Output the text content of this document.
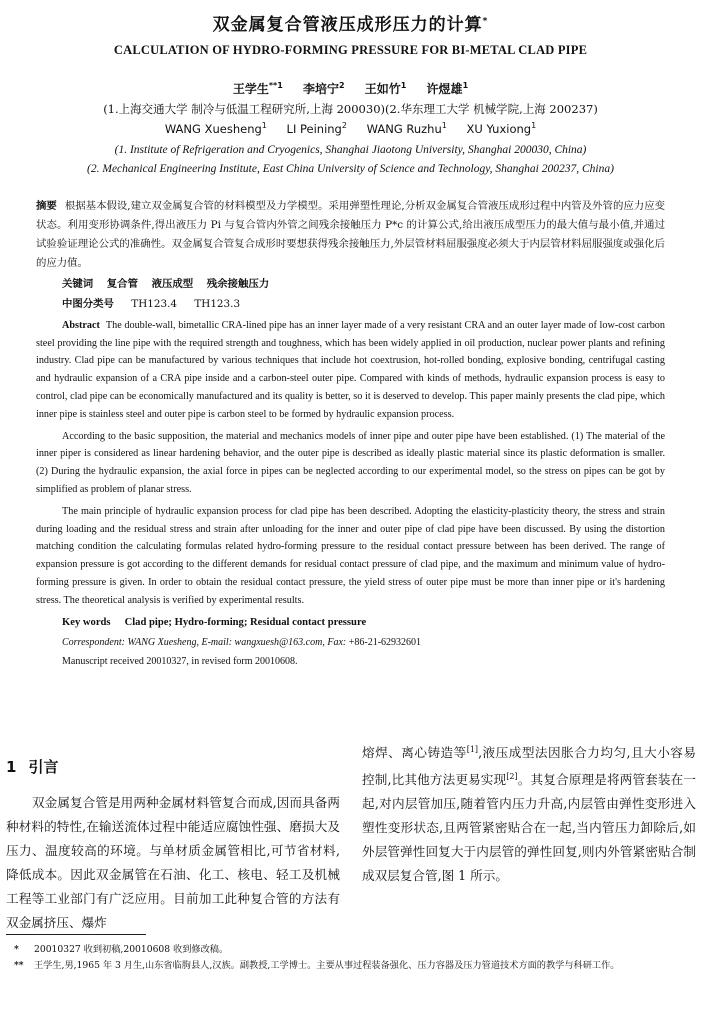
双金属复合管液压成形压力的计算*
CALCULATION OF HYDRO-FORMING PRESSURE FOR BI-METAL CLAD PIPE
王学生$^{**1}$ 李培宁$^2$ 王如竹$^1$ 许煜雄$^1$
(1.上海交通大学 制冷与低温工程研究所,上海 200030)(2.华东理工大学 机械学院,上海 200237)
WANG Xuesheng$^1$ LI Peining$^2$ WANG Ruzhu$^1$ XU Yuxiong$^1$
(1. Institute of Refrigeration and Cryogenics, Shanghai Jiaotong University, Shanghai 200030, China)
(2. Mechanical Engineering Institute, East China University of Science and Technology, Shanghai 200237, China)
摘要 根据基本假设,建立双金属复合管的材料模型及力学模型。采用弹塑性理论,分析双金属复合管液压成形过程中内管及外管的应力应变状态。利用变形协调条件,得出液压力 Pi 与复合管内外管之间残余接触压力 P*c 的计算公式,给出液压成型压力的最大值与最小值,并通过试验验证理论公式的准确性。双金属复合管复合成形时要想获得残余接触压力,外层管材料屈服强度必须大于内层管材料屈服强度或强化后的应力值。
关键词 复合管 液压成型 残余接触压力
中图分类号 TH123.4 TH123.3

Abstract The double-wall, bimetallic CRA-lined pipe has an inner layer made of a very resistant CRA and an outer layer made of low-cost carbon steel providing the line pipe with the required strength and toughness, which has been widely applied in oil production, nuclear power plants and refining industry. Clad pipe can be manufactured by various techniques that include hot coextrusion, hot-rolled bonding, explosive bonding, centrifugal casting and hydraulic expansion of a CRA pipe inside and a carbon-steel outer pipe. Compared with kinds of methods, hydraulic expansion process is easy to control, clad pipe can be economically manufactured and its quality is better, so it is deserved to develop. This paper mainly presents the clad pipe, which inner pipe is stainless steel and outer pipe is carbon steel to be formed by hydraulic expansion process.

According to the basic supposition, the material and mechanics models of inner pipe and outer pipe have been established. (1) The material of the inner piper is considered as linear hardening behavior, and the outer pipe is described as ideally plastic material since its plastic deformation is smaller. (2) During the hydraulic expansion, the axial force in pipes can be neglected according to our experimental model, so the stress on pipes can be got by simplified as problem of planar stress.

The main principle of hydraulic expansion process for clad pipe has been described. Adopting the elasticity-plasticity theory, the stress and strain during loading and the residual stress and strain after unloading for the inner and outer pipe of clad pipe have been discussed. By using the distortion matching condition the calculating formulas related hydro-forming pressure to the residual contact pressure between has been derived. The range of expansion pressure is got according to the different demands for residual contact pressure of clad pipe, and the maximum and minimum value of hydro-forming pressure is given. In order to obtain the residual contact pressure, the yield stress of outer pipe must be more than inner pipe or it's hardening stress. The theoretical analysis is verified by experimental results.

Key words Clad pipe; Hydro-forming; Residual contact pressure
Correspondent: WANG Xuesheng, E-mail: wangxuesh@163.com, Fax: +86-21-62932601
Manuscript received 20010327, in revised form 20010608.
1 引言
双金属复合管是用两种金属材料管复合而成,因而具备两种材料的特性,在输送流体过程中能适应腐蚀性强、磨损大及压力、温度较高的环境。与单材质金属管相比,可节省材料,降低成本。因此双金属管在石油、化工、核电、轻工及机械工程等工业部门有广泛应用。目前加工此种复合管的方法有双金属挤压、爆炸
熔焊、离心铸造等[1],液压成型法因胀合力均匀,且大小容易控制,比其他方法更易实现[2]。其复合原理是将两管套装在一起,对内层管加压,随着管内压力升高,内层管由弹性变形进入塑性变形状态,且两管紧密贴合在一起,当内管压力卸除后,如外层管弹性回复大于内层管的弹性回复,则内外管紧密贴合制成双层复合管,图 1 所示。
* 20010327 收到初稿,20010608 收到修改稿。
** 王学生,男,1965 年 3 月生,山东省临朐县人,汉族。副教授,工学博士。主要从事过程装备强化、压力容器及压力管道技术方面的教学与科研工作。
